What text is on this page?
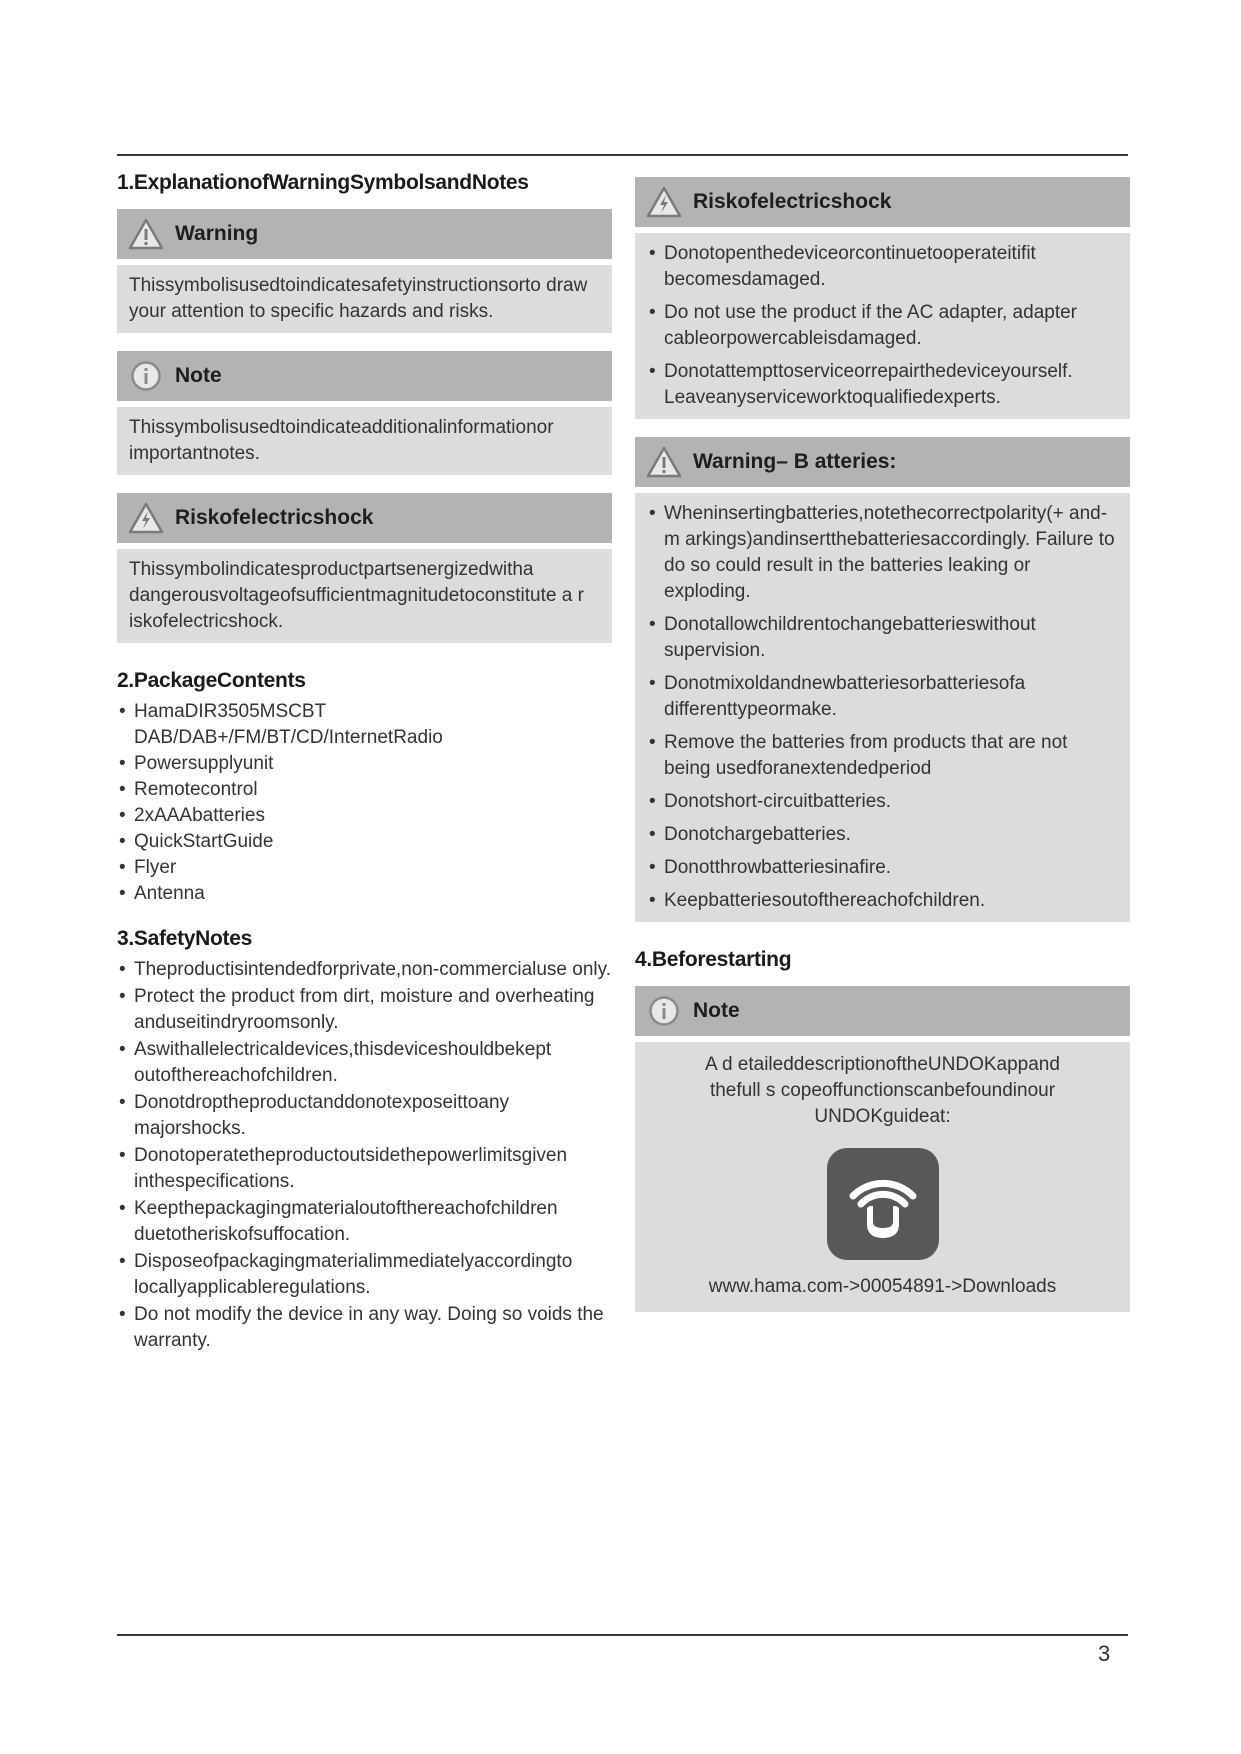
1.ExplanationofWarningSymbolsandNotes
Warning
Thissymbolisusedtoindicatesafetyinstructionsorto draw your attention to specific hazards and risks.
Note
Thissymbolisusedtoindicateadditionalinformationor importantnotes.
Riskofelectricshock
Thissymbolindicatesproductpartsenergizedwitha dangerousvoltageofsufficientmagnitudetoconstitute a r iskofelectricshock.
2.PackageContents
• HamaDIR3505MSCBT DAB/DAB+/FM/BT/CD/InternetRadio
• Powersupplyunit
• Remotecontrol
• 2xAAAbatteries
• QuickStartGuide
• Flyer
• Antenna
3.SafetyNotes
• Theproductisintendedforprivate,non-commercialuse only.
• Protect the product from dirt, moisture and overheating anduseitindryroomsonly.
• Aswithallelectricaldevices,thisdeviceshouldbekept outofthereachofchildren.
• Donotdroptheproductanddonotexposeittoany majorshocks.
• Donotoperatetheproductoutsidethepowerlimitsgiven inthespecifications.
• Keepthepackagingmaterialoutofthereachofchildren duetotheriskofsuffocation.
• Disposeofpackagingmaterialimmediatelyaccordingto locallyapplicableregulations.
• Do not modify the device in any way. Doing so voids the warranty.
Riskofelectricshock
• Donotopenthedeviceorcontinuetooperateitifit becomesdamaged.
• Do not use the product if the AC adapter, adapter cableorpowercableisdamaged.
• Donotattempttoserviceorrepairthedeviceyourself. Leaveanyserviceworktoqualifiedexperts.
Warning– B atteries:
• Wheninsertingbatteries,notethecorrectpolarity(+ and- m arkings)andinsertthebatteriesaccordingly. Failure to do so could result in the batteries leaking or exploding.
• Donotallowchildrentochangebatterieswithout supervision.
• Donotmixoldandnewbatteriesorbatteriesofa differenttypeormake.
• Remove the batteries from products that are not being usedforanextendedperiod
• Donotshort-circuitbatteries.
• Donotchargebatteries.
• Donotthrowbatteriesinafire.
• Keepbatteriesoutofthereachofchildren.
4.Beforestarting
Note
A d etaileddescriptionoftheUNDOKappand
thefull s copeoffunctionscanbefoundinour
UNDOKguideat:
www.hama.com->00054891->Downloads
3
